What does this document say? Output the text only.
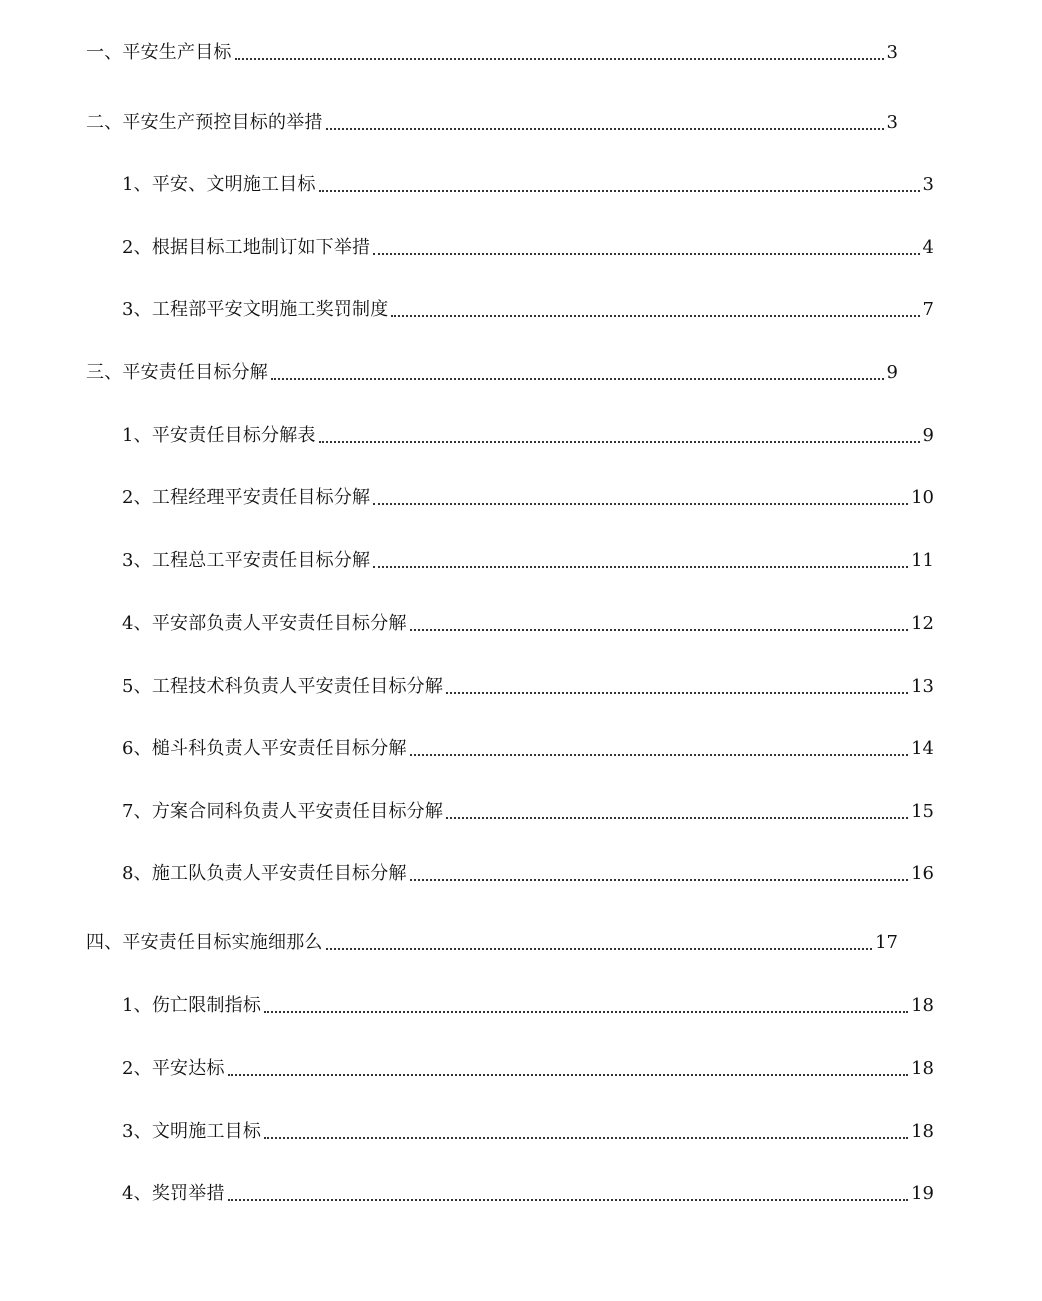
一、平安生产目标	3
二、平安生产预控目标的举措	3
1、平安、文明施工目标	3
2、根据目标工地制订如下举措	4
3、工程部平安文明施工奖罚制度	7
三、平安责任目标分解	9
1、平安责任目标分解表	9
2、工程经理平安责任目标分解	10
3、工程总工平安责任目标分解	11
4、平安部负责人平安责任目标分解	12
5、工程技术科负责人平安责任目标分解	13
6、槌斗科负责人平安责任目标分解	14
7、方案合同科负责人平安责任目标分解	15
8、施工队负责人平安责任目标分解	16
四、平安责任目标实施细那么	17
1、伤亡限制指标	18
2、平安达标	18
3、文明施工目标	18
4、奖罚举措	19
